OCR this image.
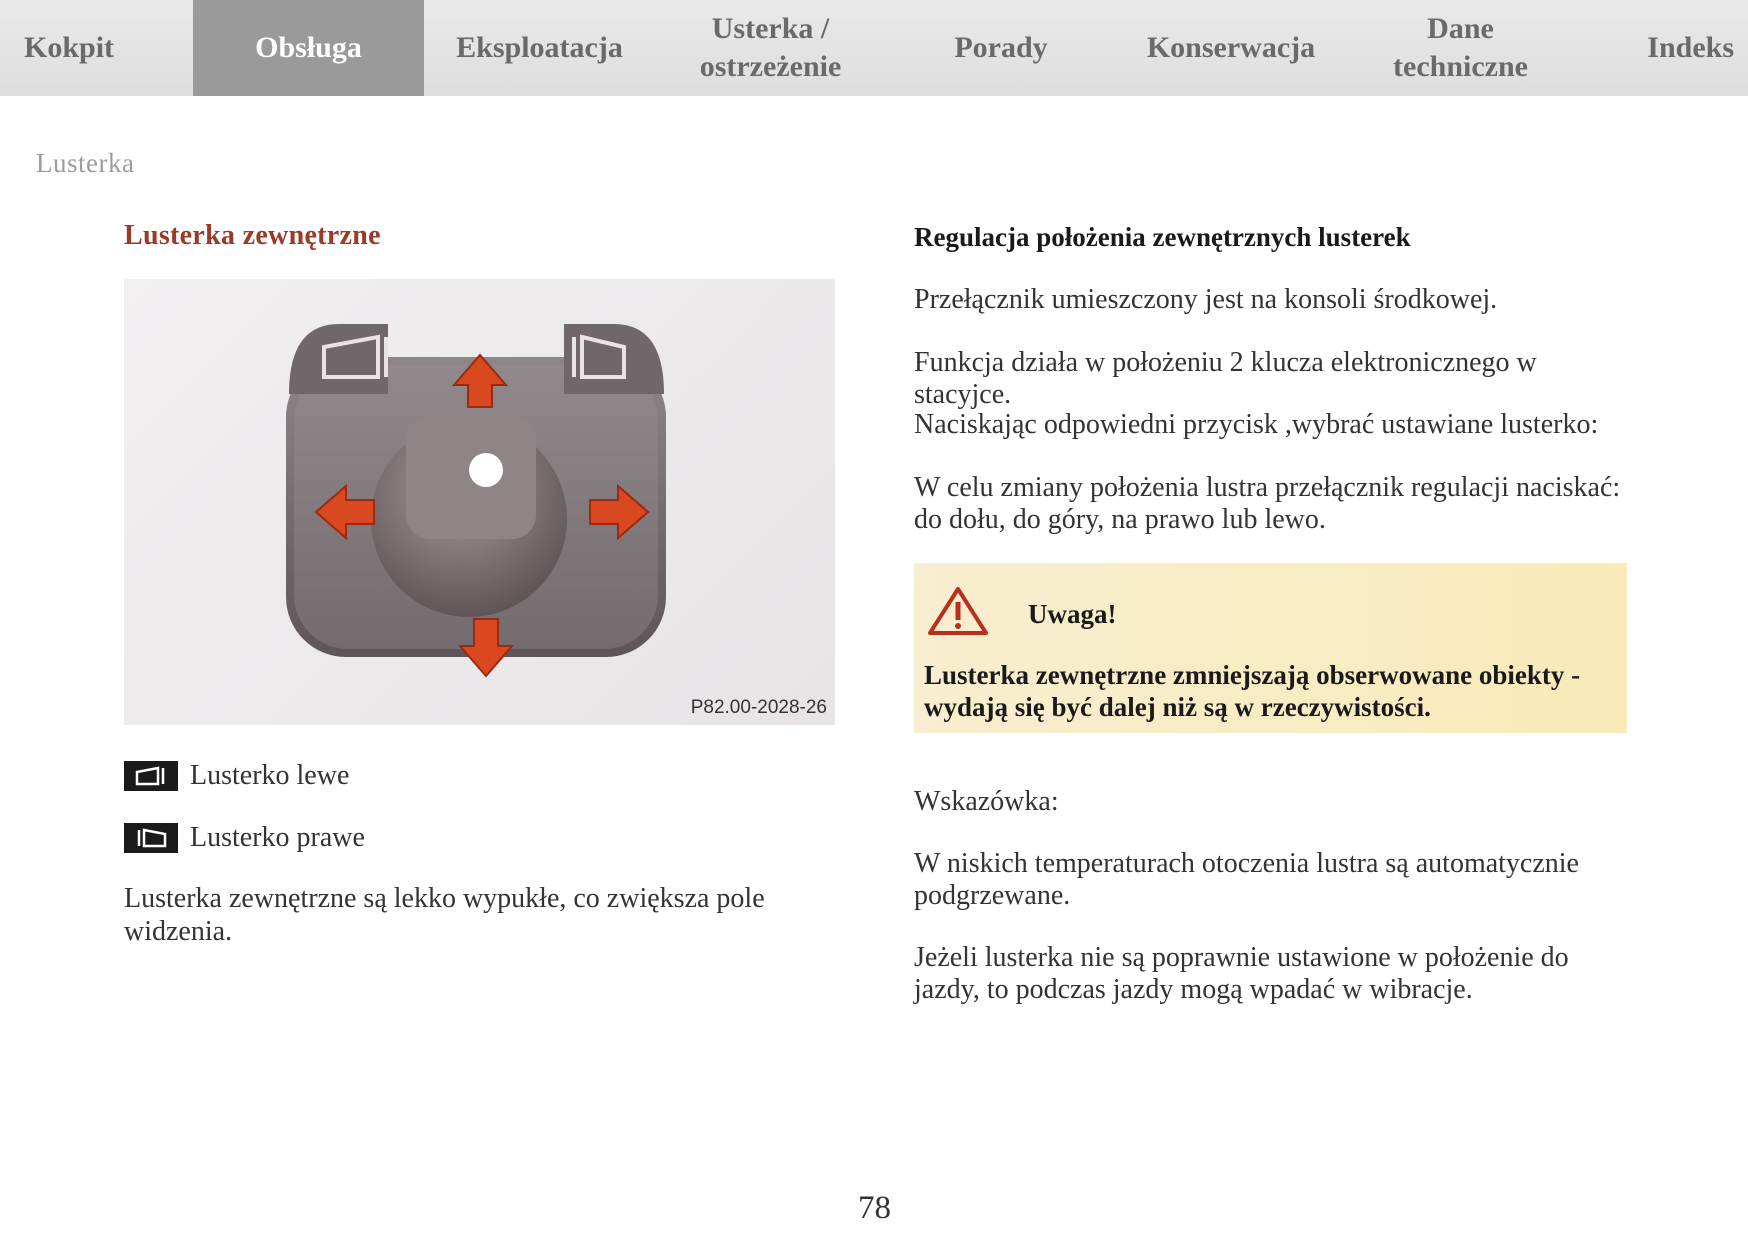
Kokpit	Obsługa	Eksploatacja
Usterka /
ostrzeżenie
Porady	Konserwacja
Dane
techniczne
Indeks
Lusterka
Lusterka zewnętrzne
P82.00-2028-26
Lusterko lewe
Lusterko prawe
Lusterka zewnętrzne są lekko wypukłe, co zwiększa pole widzenia.
Regulacja położenia zewnętrznych lusterek
Przełącznik umieszczony jest na konsoli środkowej.
Funkcja działa w położeniu 2 klucza elektronicznego w stacyjce.
Naciskając odpowiedni przycisk ,wybrać ustawiane lusterko:
W celu zmiany położenia lustra przełącznik regulacji naciskać: do dołu, do góry, na prawo lub lewo.
Uwaga!
Lusterka zewnętrzne zmniejszają obserwowane obiekty - wydają się być dalej niż są w rzeczywistości.
Wskazówka:
W niskich temperaturach otoczenia lustra są automatycznie podgrzewane.
Jeżeli lusterka nie są poprawnie ustawione w położenie do jazdy, to podczas jazdy mogą wpadać w wibracje.
78
